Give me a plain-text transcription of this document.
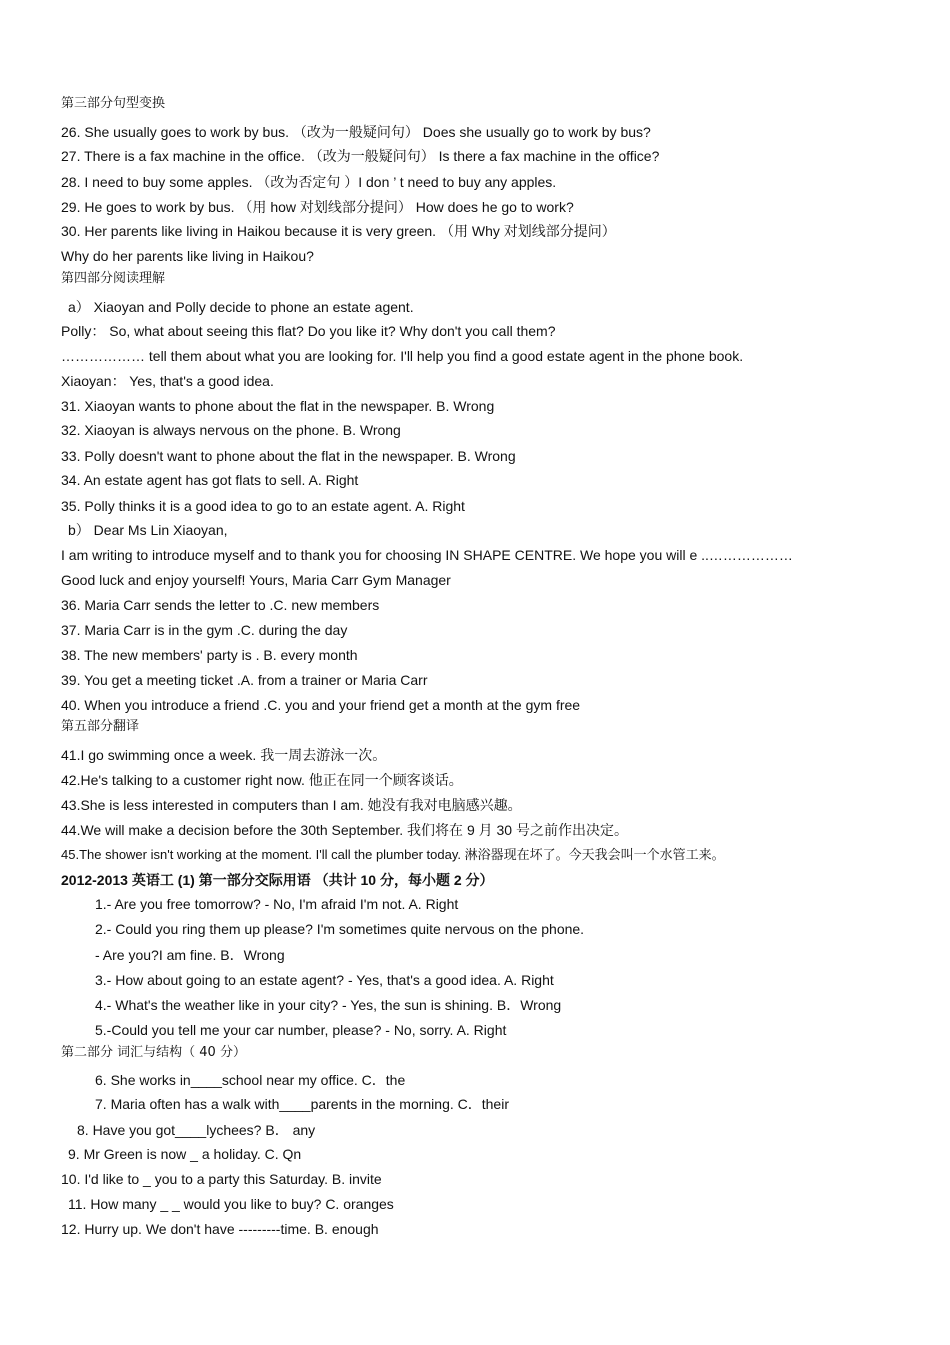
第三部分句型变换
26. She usually goes to work by bus. （改为一般疑问句） Does she usually go to work by bus?
27. There is a fax machine in the office. （改为一般疑问句） Is there a fax machine in the office?
28. I need to buy some apples. （改为否定句 ）I don ’ t need to buy any apples.
29. He goes to work by bus. （用 how 对划线部分提问） How does he go to work?
30. Her parents like living in Haikou because it is very green. （用 Why 对划线部分提问）
Why do her parents like living in Haikou?
第四部分阅读理解
a） Xiaoyan and Polly decide to phone an estate agent.
Polly： So, what about seeing this flat? Do you like it? Why don't you call them?
……………… tell them about what you are looking for. I'll help you find a good estate agent in the phone book.
Xiaoyan： Yes, that's a good idea.
31. Xiaoyan wants to phone about the flat in the newspaper. B. Wrong
32. Xiaoyan is always nervous on the phone. B. Wrong
33. Polly doesn't want to phone about the flat in the newspaper. B. Wrong
34. An estate agent has got flats to sell. A. Right
35. Polly thinks it is a good idea to go to an estate agent. A. Right
b） Dear Ms Lin Xiaoyan,
I am writing to introduce myself and to thank you for choosing IN SHAPE CENTRE. We hope you will e ..………………
Good luck and enjoy yourself! Yours, Maria Carr Gym Manager
36. Maria Carr sends the letter to .C. new members
37. Maria Carr is in the gym .C. during the day
38. The new members' party is . B. every month
39. You get a meeting ticket .A. from a trainer or Maria Carr
40. When you introduce a friend .C. you and your friend get a month at the gym free
第五部分翻译
41.I go swimming once a week. 我一周去游泳一次。
42.He's talking to a customer right now. 他正在同一个顾客谈话。
43.She is less interested in computers than I am. 她没有我对电脑感兴趣。
44.We will make a decision before the 30th September. 我们将在 9 月 30 号之前作出决定。
45.The shower isn't working at the moment. I'll call the plumber today. 淋浴器现在坏了。今天我会叫一个水管工来。
2012-2013 英语工 (1) 第一部分交际用语 （共计 10 分，每小题 2 分）
1.- Are you free tomorrow? - No, I'm afraid I'm not. A. Right
2.- Could you ring them up please? I'm sometimes quite nervous on the phone.
- Are you?I am fine. B．Wrong
3.- How about going to an estate agent? - Yes, that's a good idea. A. Right
4.- What's the weather like in your city? - Yes, the sun is shining. B．Wrong
5.-Could you tell me your car number, please? - No, sorry. A. Right
第二部分 词汇与结构（ 40 分）
6. She works in____school near my office. C．the
7. Maria often has a walk with____parents in the morning. C．their
8. Have you got____lychees? B． any
9. Mr Green is now _ a holiday. C. Qn
10. I'd like to _ you to a party this Saturday. B. invite
11. How many _ _ would you like to buy? C. oranges
12. Hurry up. We don't have ---------time. B. enough
